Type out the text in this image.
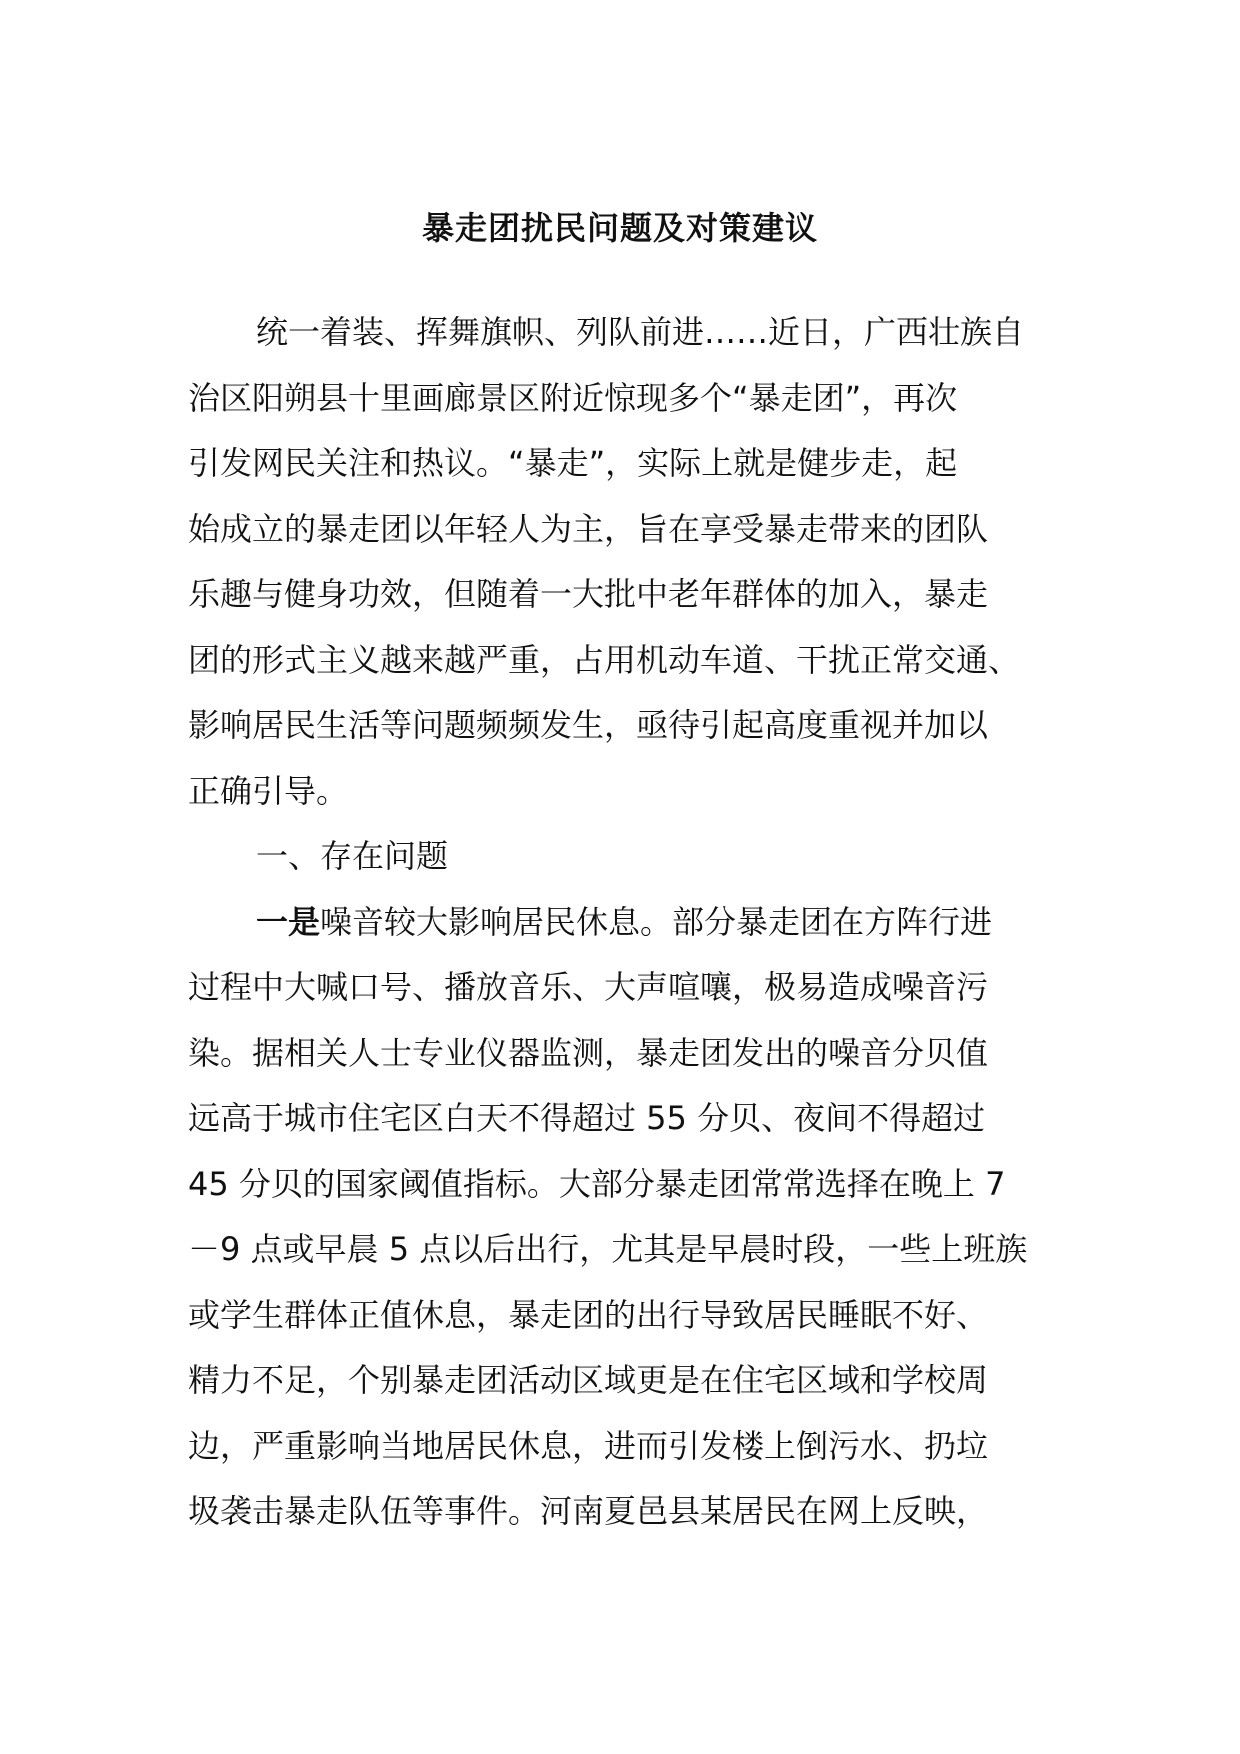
暴走团扰民问题及对策建议
统一着装、挥舞旗帜、列队前进……近日，广西壮族自
治区阳朔县十里画廊景区附近惊现多个“暴走团”，再次
引发网民关注和热议。“暴走”，实际上就是健步走，起
始成立的暴走团以年轻人为主，旨在享受暴走带来的团队
乐趣与健身功效，但随着一大批中老年群体的加入，暴走
团的形式主义越来越严重，占用机动车道、干扰正常交通、
影响居民生活等问题频频发生，亟待引起高度重视并加以
正确引导。
一、存在问题
一是噪音较大影响居民休息。部分暴走团在方阵行进
过程中大喊口号、播放音乐、大声喧嚷，极易造成噪音污
染。据相关人士专业仪器监测，暴走团发出的噪音分贝值
远高于城市住宅区白天不得超过 55 分贝、夜间不得超过
45 分贝的国家阈值指标。大部分暴走团常常选择在晚上 7
－9 点或早晨 5 点以后出行，尤其是早晨时段，一些上班族
或学生群体正值休息，暴走团的出行导致居民睡眠不好、
精力不足，个别暴走团活动区域更是在住宅区域和学校周
边，严重影响当地居民休息，进而引发楼上倒污水、扔垃
圾袭击暴走队伍等事件。河南夏邑县某居民在网上反映，
